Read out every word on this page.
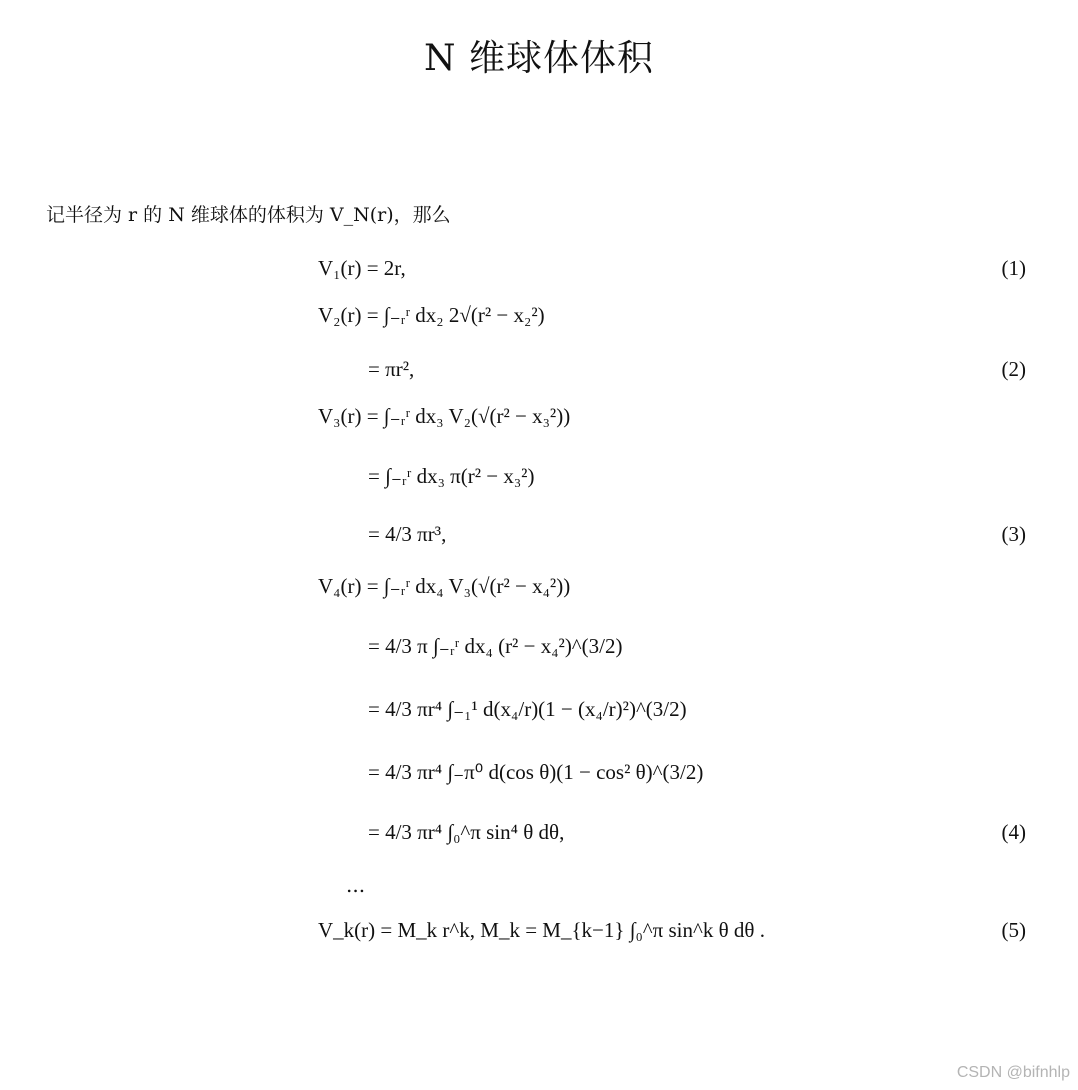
N 维球体体积
记半径为 r 的 N 维球体的体积为 V_N(r)，那么
V₁(r) = 2r,	(1)
V₂(r) = ∫₋ᵣʳ dx₂ 2√(r² − x₂²)
= πr²,	(2)
V₃(r) = ∫₋ᵣʳ dx₃ V₂(√(r² − x₃²))
= ∫₋ᵣʳ dx₃ π(r² − x₃²)
= 4/3 πr³,	(3)
V₄(r) = ∫₋ᵣʳ dx₄ V₃(√(r² − x₄²))
= 4/3 π ∫₋ᵣʳ dx₄ (r² − x₄²)^(3/2)
= 4/3 πr⁴ ∫₋₁¹ d(x₄/r)(1 − (x₄/r)²)^(3/2)
= 4/3 πr⁴ ∫₋π⁰ d(cos θ)(1 − cos² θ)^(3/2)
= 4/3 πr⁴ ∫₀^π sin⁴ θ dθ,	(4)
...
V_k(r) = M_k r^k, M_k = M_{k−1} ∫₀^π sin^k θ dθ .	(5)
CSDN @bifnhlp
